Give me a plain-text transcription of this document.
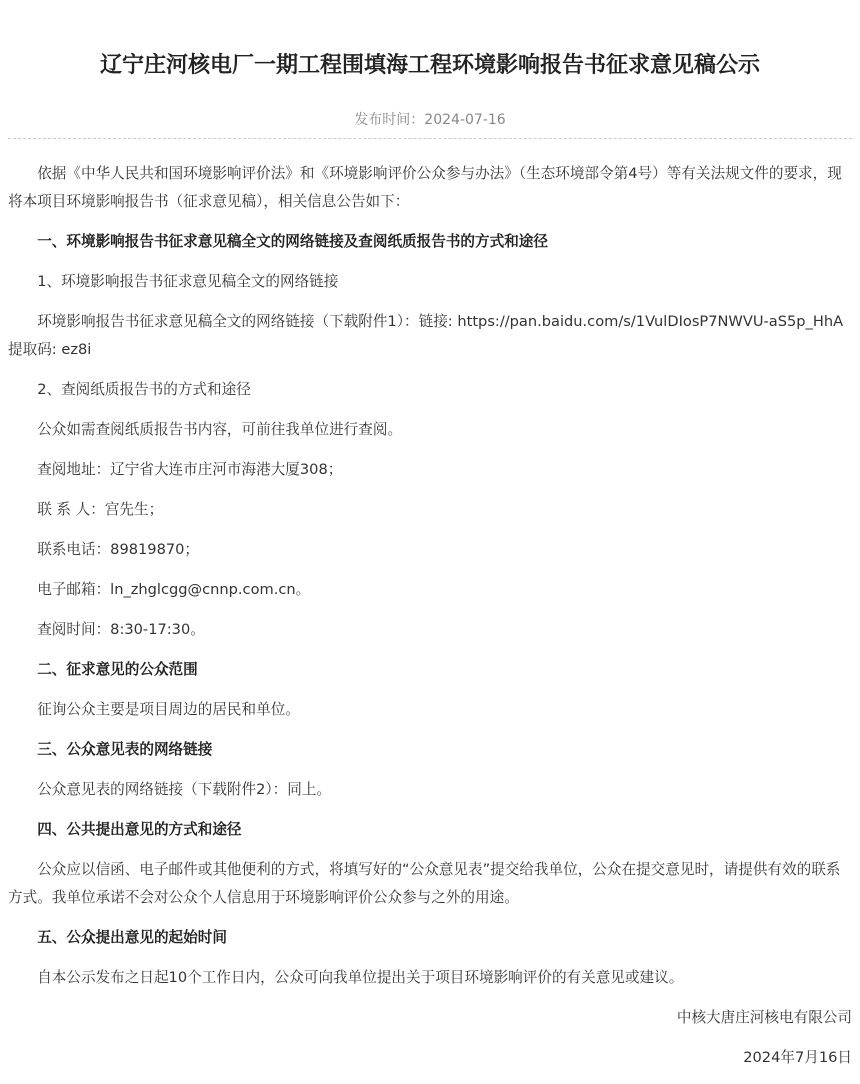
辽宁庄河核电厂一期工程围填海工程环境影响报告书征求意见稿公示
发布时间：2024-07-16

依据《中华人民共和国环境影响评价法》和《环境影响评价公众参与办法》（生态环境部令第4号）等有关法规文件的要求，现将本项目环境影响报告书（征求意见稿），相关信息公告如下：

一、环境影响报告书征求意见稿全文的网络链接及查阅纸质报告书的方式和途径

1、环境影响报告书征求意见稿全文的网络链接

环境影响报告书征求意见稿全文的网络链接（下载附件1）：链接: https://pan.baidu.com/s/1VulDIosP7NWVU-aS5p_HhA 提取码: ez8i

2、查阅纸质报告书的方式和途径

公众如需查阅纸质报告书内容，可前往我单位进行查阅。

查阅地址：辽宁省大连市庄河市海港大厦308；

联 系 人：宫先生；

联系电话：89819870；

电子邮箱：ln_zhglcgg@cnnp.com.cn。

查阅时间：8:30-17:30。

二、征求意见的公众范围

征询公众主要是项目周边的居民和单位。

三、公众意见表的网络链接

公众意见表的网络链接（下载附件2）：同上。

四、公共提出意见的方式和途径

公众应以信函、电子邮件或其他便利的方式，将填写好的“公众意见表”提交给我单位，公众在提交意见时，请提供有效的联系方式。我单位承诺不会对公众个人信息用于环境影响评价公众参与之外的用途。

五、公众提出意见的起始时间

自本公示发布之日起10个工作日内，公众可向我单位提出关于项目环境影响评价的有关意见或建议。

中核大唐庄河核电有限公司

2024年7月16日
